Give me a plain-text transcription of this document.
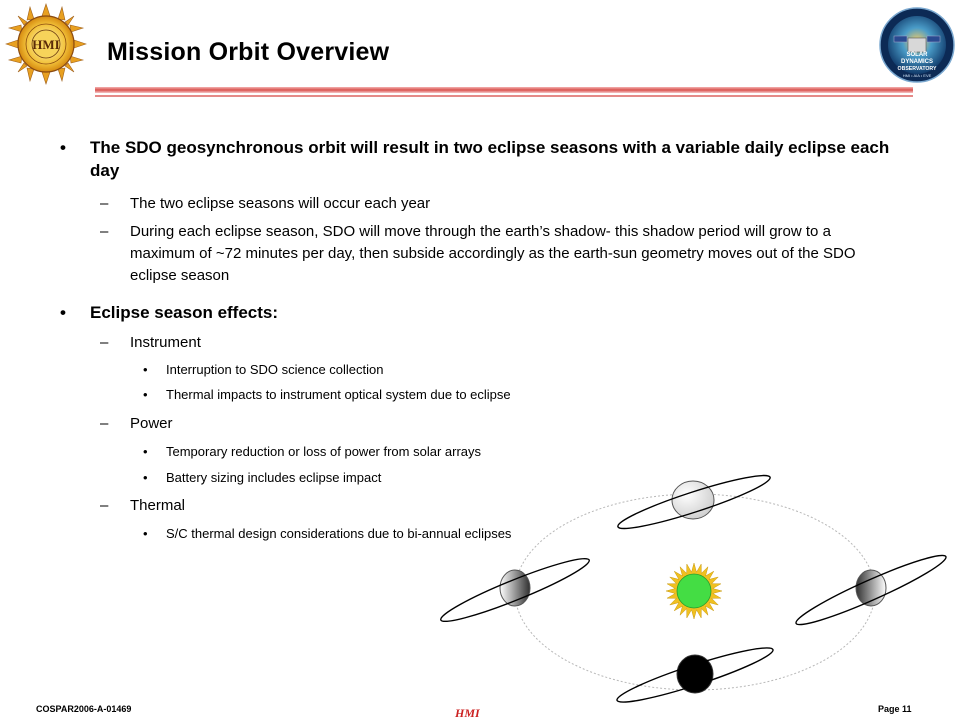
HMI Mission Orbit Overview	SOLAR
DYNAMICS
OBSERVATORY
HMI • AIA • EVE
• The SDO geosynchronous orbit will result in two eclipse seasons with a variable daily eclipse each day
– The two eclipse seasons will occur each year
– During each eclipse season, SDO will move through the earth’s shadow- this shadow period will grow to a maximum of ~72 minutes per day, then subside accordingly as the earth-sun geometry moves out of the SDO eclipse season
• Eclipse season effects:
– Instrument
• Interruption to SDO science collection
• Thermal impacts to instrument optical system due to eclipse
– Power
• Temporary reduction or loss of power from solar arrays
• Battery sizing includes eclipse impact
– Thermal
• S/C thermal design considerations due to bi-annual eclipses
COSPAR2006-A-01469	HMI	Page 11
